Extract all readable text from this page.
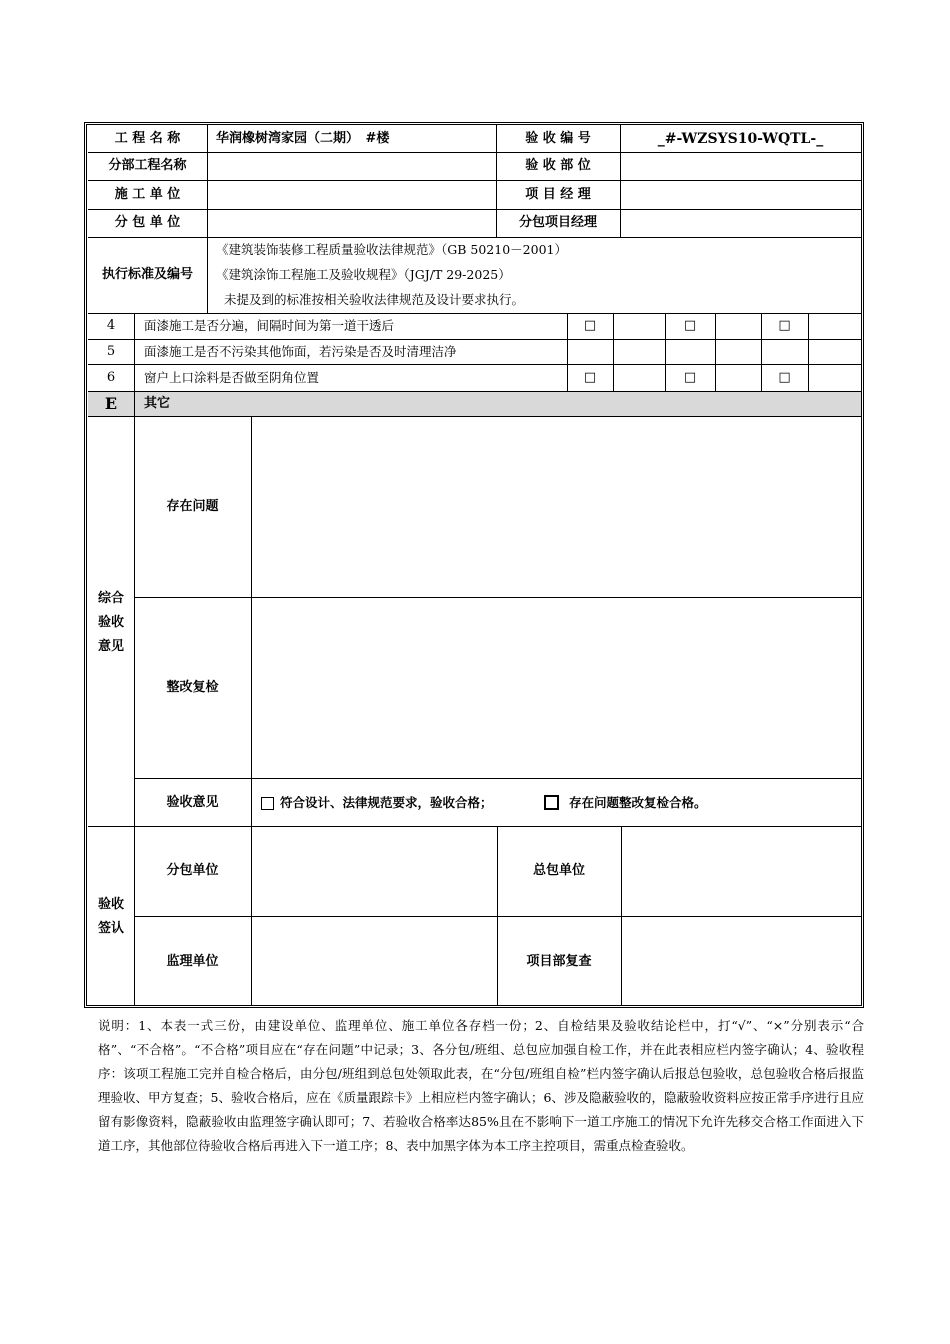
工 程 名 称	华润橡树湾家园（二期）　#楼	验 收 编 号	_#-WZSYS10-WQTL-_
分部工程名称	验 收 部 位
施 工 单 位	项 目 经 理
分 包 单 位	分包项目经理
执行标准及编号
《建筑装饰装修工程质量验收法律规范》（GB 50210－2001）
《建筑涂饰工程施工及验收规程》（JGJ/T 29-2025）
未提及到的标准按相关验收法律规范及设计要求执行。
4	面漆施工是否分遍，间隔时间为第一道干透后	□	□	□
5	面漆施工是否不污染其他饰面，若污染是否及时清理洁净
6	窗户上口涂料是否做至阴角位置	□	□	□
E	其它
综合
验收
意见
存在问题
整改复检
验收意见	符合设计、法律规范要求，验收合格；	存在问题整改复检合格。
验收
签认
分包单位	总包单位
监理单位	项目部复查
说明：1、本表一式三份，由建设单位、监理单位、施工单位各存档一份；2、自检结果及验收结论栏中，打“√”、“×”分别表示“合格”、“不合格”。“不合格”项目应在“存在问题”中记录；3、各分包/班组、总包应加强自检工作，并在此表相应栏内签字确认；4、验收程序：该项工程施工完并自检合格后，由分包/班组到总包处领取此表，在“分包/班组自检”栏内签字确认后报总包验收，总包验收合格后报监理验收、甲方复查；5、验收合格后，应在《质量跟踪卡》上相应栏内签字确认；6、涉及隐蔽验收的，隐蔽验收资料应按正常手序进行且应留有影像资料，隐蔽验收由监理签字确认即可；7、若验收合格率达85%且在不影响下一道工序施工的情况下允许先移交合格工作面进入下道工序，其他部位待验收合格后再进入下一道工序；8、表中加黑字体为本工序主控项目，需重点检查验收。
